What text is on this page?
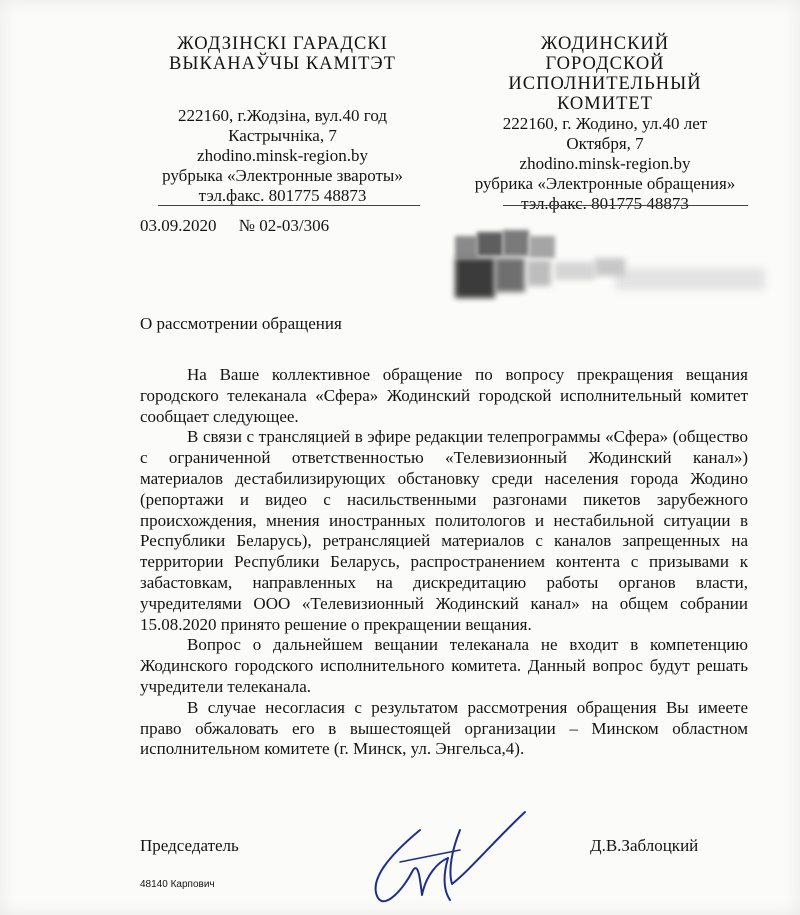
ЖОДЗІНСКІ ГАРАДСКІ
ВЫКАНАЎЧЫ КАМІТЭТ
222160, г.Жодзіна, вул.40 год
Кастрычніка, 7
zhodino.minsk-region.by
рубрыка «Электронные звароты»
тэл.факс. 801775 48873
ЖОДИНСКИЙ
ГОРОДСКОЙ
ИСПОЛНИТЕЛЬНЫЙ
КОМИТЕТ
222160, г. Жодино, ул.40 лет
Октября, 7
zhodino.minsk-region.by
рубрика «Электронные обращения»
тэл.факс. 801775 48873
03.09.2020 № 02-03/306
О рассмотрении обращения

На Ваше коллективное обращение по вопросу прекращения вещания городского телеканала «Сфера» Жодинский городской исполнительный комитет сообщает следующее.

В связи с трансляцией в эфире редакции телепрограммы «Сфера» (общество с ограниченной ответственностью «Телевизионный Жодинский канал») материалов дестабилизирующих обстановку среди населения города Жодино (репортажи и видео с насильственными разгонами пикетов зарубежного происхождения, мнения иностранных политологов и нестабильной ситуации в Республики Беларусь), ретрансляцией материалов с каналов запрещенных на территории Республики Беларусь, распространением контента с призывами к забастовкам, направленных на дискредитацию работы органов власти, учредителями ООО «Телевизионный Жодинский канал» на общем собрании 15.08.2020 принято решение о прекращении вещания.

Вопрос о дальнейшем вещании телеканала не входит в компетенцию Жодинского городского исполнительного комитета. Данный вопрос будут решать учредители телеканала.

В случае несогласия с результатом рассмотрения обращения Вы имеете право обжаловать его в вышестоящей организации – Минском областном исполнительном комитете (г. Минск, ул. Энгельса,4).

Председатель	Д.В.Заблоцкий
48140 Карпович
